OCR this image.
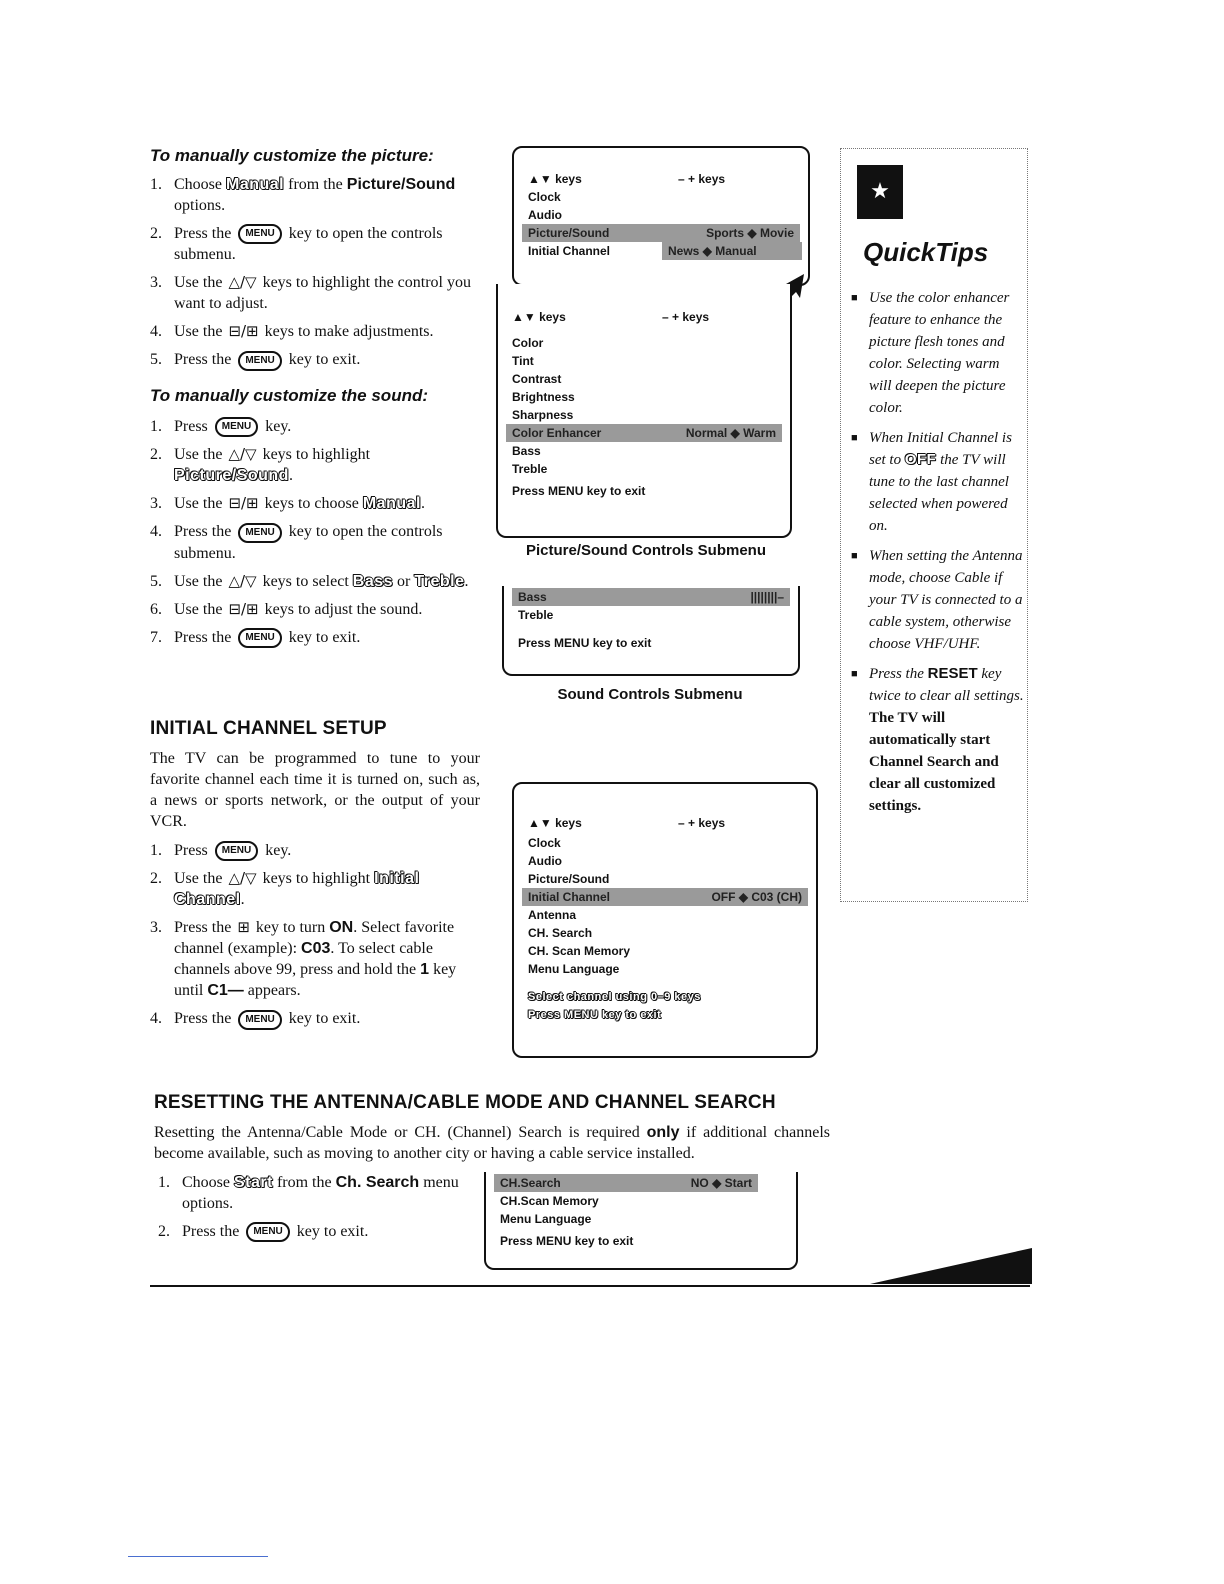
To manually customize the picture:
1. Choose Manual from the Picture/Sound options.
2. Press the MENU key to open the controls submenu.
3. Use the △/▽ keys to highlight the control you want to adjust.
4. Use the ⊟/⊞ keys to make adjustments.
5. Press the MENU key to exit.
To manually customize the sound:
1. Press MENU key.
2. Use the △/▽ keys to highlight Picture/Sound.
3. Use the ⊟/⊞ keys to choose Manual.
4. Press the MENU key to open the controls submenu.
5. Use the △/▽ keys to select Bass or Treble.
6. Use the ⊟/⊞ keys to adjust the sound.
7. Press the MENU key to exit.
INITIAL CHANNEL SETUP
The TV can be programmed to tune to your favorite channel each time it is turned on, such as, a news or sports network, or the output of your VCR.
1. Press MENU key.
2. Use the △/▽ keys to highlight Initial Channel.
3. Press the ⊞ key to turn ON. Select favorite channel (example): C03. To select cable channels above 99, press and hold the 1 key until C1— appears.
4. Press the MENU key to exit.
▲▼ keys	– + keys
Clock
Audio
Picture/Sound	Sports ◆ Movie
Initial Channel	News ◆ Manual
▲▼ keys	– + keys
Color
Tint
Contrast
Brightness
Sharpness
Color Enhancer	Normal ◆ Warm
Bass
Treble
Press MENU key to exit
Picture/Sound Controls Submenu
Bass	||||||||–
Treble
Press MENU key to exit
Sound Controls Submenu
▲▼ keys	– + keys
Clock
Audio
Picture/Sound
Initial Channel	OFF ◆ C03 (CH)
Antenna
CH. Search
CH. Scan Memory
Menu Language
Select channel using 0–9 keys
Press MENU key to exit
RESETTING THE ANTENNA/CABLE MODE AND CHANNEL SEARCH
Resetting the Antenna/Cable Mode or CH. (Channel) Search is required only if additional channels become available, such as moving to another city or having a cable service installed.
1. Choose Start from the Ch. Search menu options.
2. Press the MENU key to exit.
CH.Search	NO ◆ Start
CH.Scan Memory
Menu Language
Press MENU key to exit
★
QuickTips
■ Use the color enhancer feature to enhance the picture flesh tones and color. Selecting warm will deepen the picture color.
■ When Initial Channel is set to OFF the TV will tune to the last channel selected when powered on.
■ When setting the Antenna mode, choose Cable if your TV is connected to a cable system, otherwise choose VHF/UHF.
■ Press the RESET key twice to clear all settings. The TV will automatically start Channel Search and clear all customized settings.
